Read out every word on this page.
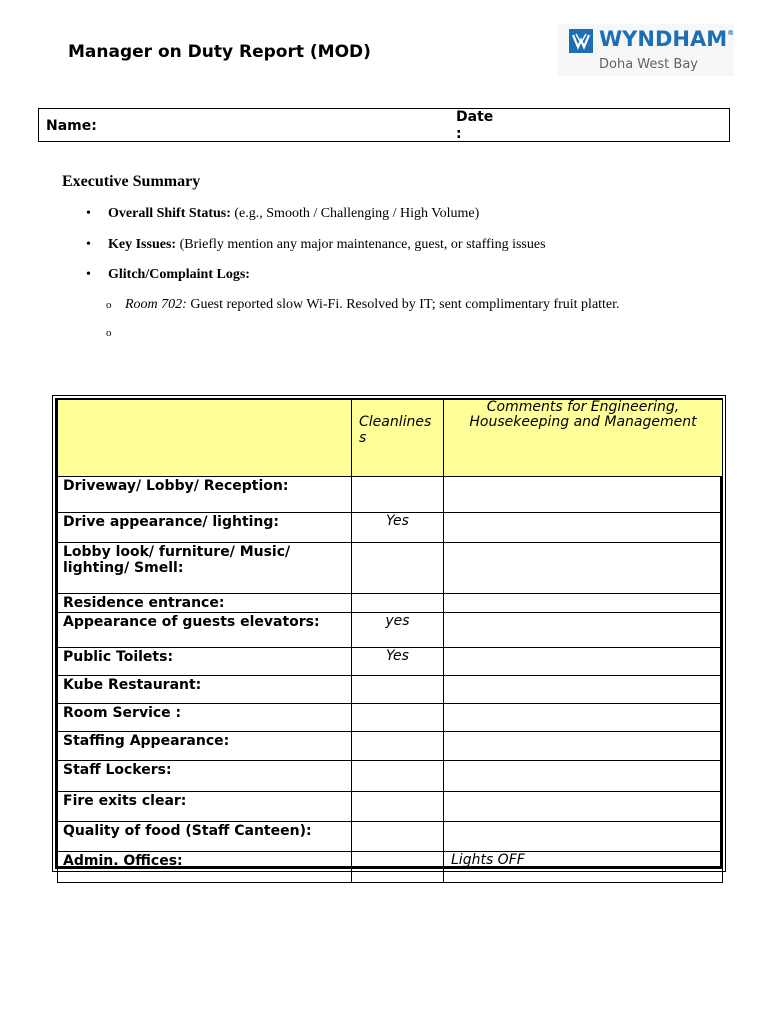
Manager on Duty Report (MOD)
WYNDHAM®
Doha West Bay
Name:
Date
:
Executive Summary
• Overall Shift Status: (e.g., Smooth / Challenging / High Volume)
• Key Issues: (Briefly mention any major maintenance, guest, or staffing issues
• Glitch/Complaint Logs:
o Room 702: Guest reported slow Wi-Fi. Resolved by IT; sent complimentary fruit platter.
o
	Cleanlines s	Comments for Engineering, Housekeeping and Management
Driveway/ Lobby/ Reception:		
Drive appearance/ lighting:	Yes	
Lobby look/ furniture/ Music/ lighting/ Smell:		
Residence entrance:		
Appearance of guests elevators:	yes	
Public Toilets:	Yes	
Kube Restaurant:		
Room Service :		
Staffing Appearance:		
Staff Lockers:		
Fire exits clear:		
Quality of food (Staff Canteen):		
Admin. Offices:		Lights OFF_
